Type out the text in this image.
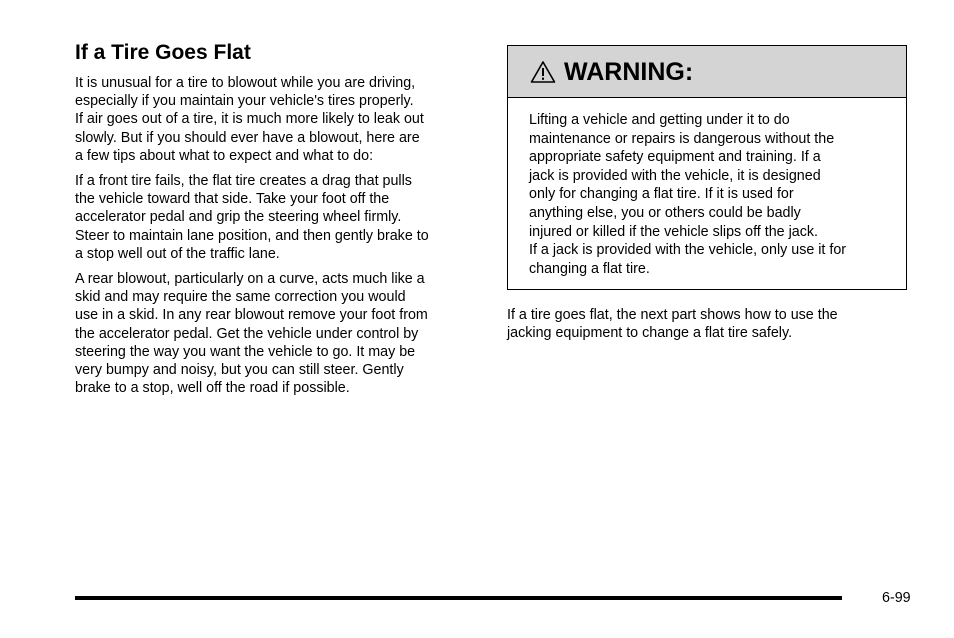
If a Tire Goes Flat

It is unusual for a tire to blowout while you are driving,
especially if you maintain your vehicle's tires properly.
If air goes out of a tire, it is much more likely to leak out
slowly. But if you should ever have a blowout, here are
a few tips about what to expect and what to do:

If a front tire fails, the flat tire creates a drag that pulls
the vehicle toward that side. Take your foot off the
accelerator pedal and grip the steering wheel firmly.
Steer to maintain lane position, and then gently brake to
a stop well out of the traffic lane.

A rear blowout, particularly on a curve, acts much like a
skid and may require the same correction you would
use in a skid. In any rear blowout remove your foot from
the accelerator pedal. Get the vehicle under control by
steering the way you want the vehicle to go. It may be
very bumpy and noisy, but you can still steer. Gently
brake to a stop, well off the road if possible.

WARNING:
Lifting a vehicle and getting under it to do
maintenance or repairs is dangerous without the
appropriate safety equipment and training. If a
jack is provided with the vehicle, it is designed
only for changing a flat tire. If it is used for
anything else, you or others could be badly
injured or killed if the vehicle slips off the jack.
If a jack is provided with the vehicle, only use it for
changing a flat tire.

If a tire goes flat, the next part shows how to use the
jacking equipment to change a flat tire safely.

6-99
